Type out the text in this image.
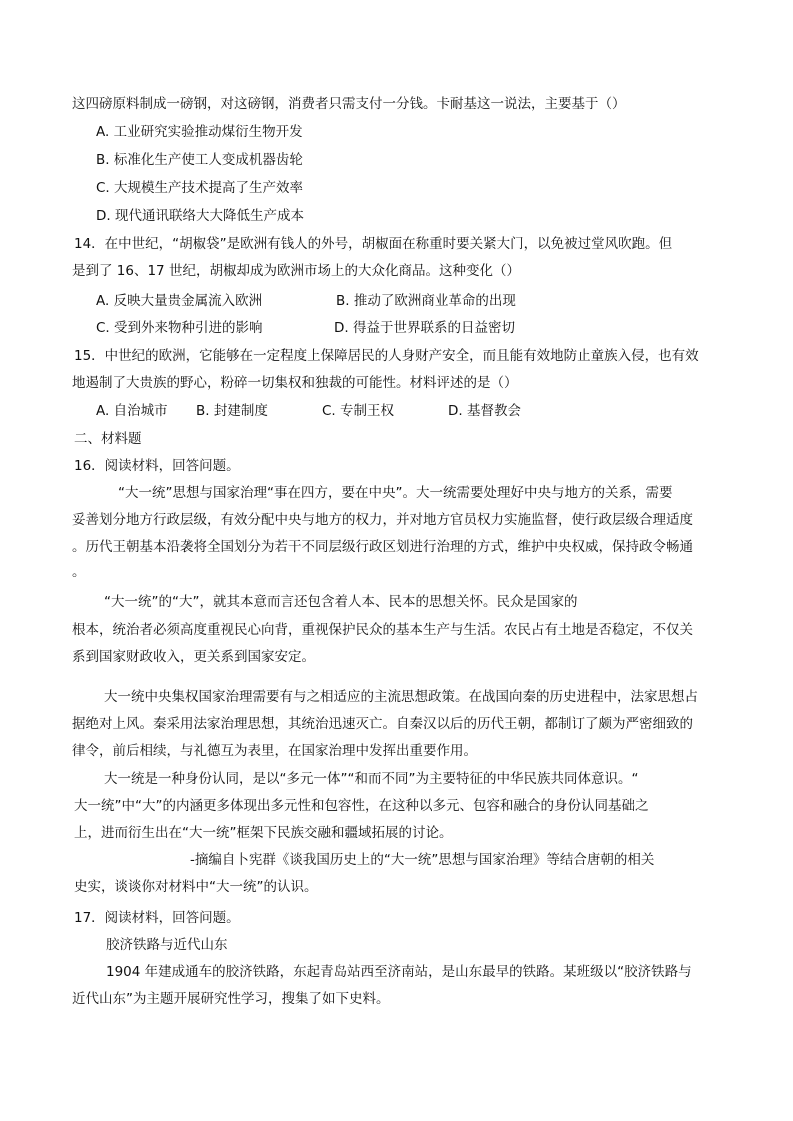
这四磅原料制成一磅钢，对这磅钢，消费者只需支付一分钱。卡耐基这一说法，主要基于（）
A. 工业研究实验推动煤衍生物开发
B. 标准化生产使工人变成机器齿轮
C. 大规模生产技术提高了生产效率
D. 现代通讯联络大大降低生产成本
14．在中世纪，“胡椒袋”是欧洲有钱人的外号，胡椒面在称重时要关紧大门，以免被过堂风吹跑。但
是到了 16、17 世纪，胡椒却成为欧洲市场上的大众化商品。这种变化（）
A. 反映大量贵金属流入欧洲	B. 推动了欧洲商业革命的出现
C. 受到外来物种引进的影响	D. 得益于世界联系的日益密切
15．中世纪的欧洲，它能够在一定程度上保障居民的人身财产安全，而且能有效地防止童族入侵，也有效
地遏制了大贵族的野心，粉碎一切集权和独裁的可能性。材料评述的是（）
A. 自治城市 B. 封建制度	C. 专制王权	D. 基督教会
二、材料题
16．阅读材料，回答问题。
“大一统”思想与国家治理“事在四方，要在中央”。大一统需要处理好中央与地方的关系，需要
妥善划分地方行政层级，有效分配中央与地方的权力，并对地方官员权力实施监督，使行政层级合理适度
。历代王朝基本沿袭将全国划分为若干不同层级行政区划进行治理的方式，维护中央权威，保持政令畅通
。
“大一统”的“大”，就其本意而言还包含着人本、民本的思想关怀。民众是国家的
根本，统治者必须高度重视民心向背，重视保护民众的基本生产与生活。农民占有土地是否稳定，不仅关
系到国家财政收入，更关系到国家安定。
大一统中央集权国家治理需要有与之相适应的主流思想政策。在战国向秦的历史进程中，法家思想占
据绝对上风。秦采用法家治理思想，其统治迅速灭亡。自秦汉以后的历代王朝，都制订了颇为严密细致的
律令，前后相续，与礼德互为表里，在国家治理中发挥出重要作用。
大一统是一种身份认同，是以“多元一体”“和而不同”为主要特征的中华民族共同体意识。“
大一统”中“大”的内涵更多体现出多元性和包容性，在这种以多元、包容和融合的身份认同基础之
上，进而衍生出在“大一统”框架下民族交融和疆域拓展的讨论。
-摘编自卜宪群《谈我国历史上的“大一统”思想与国家治理》等结合唐朝的相关
史实，谈谈你对材料中“大一统”的认识。
17．阅读材料，回答问题。
胶济铁路与近代山东
1904 年建成通车的胶济铁路，东起青岛站西至济南站，是山东最早的铁路。某班级以“胶济铁路与
近代山东”为主题开展研究性学习，搜集了如下史料。
